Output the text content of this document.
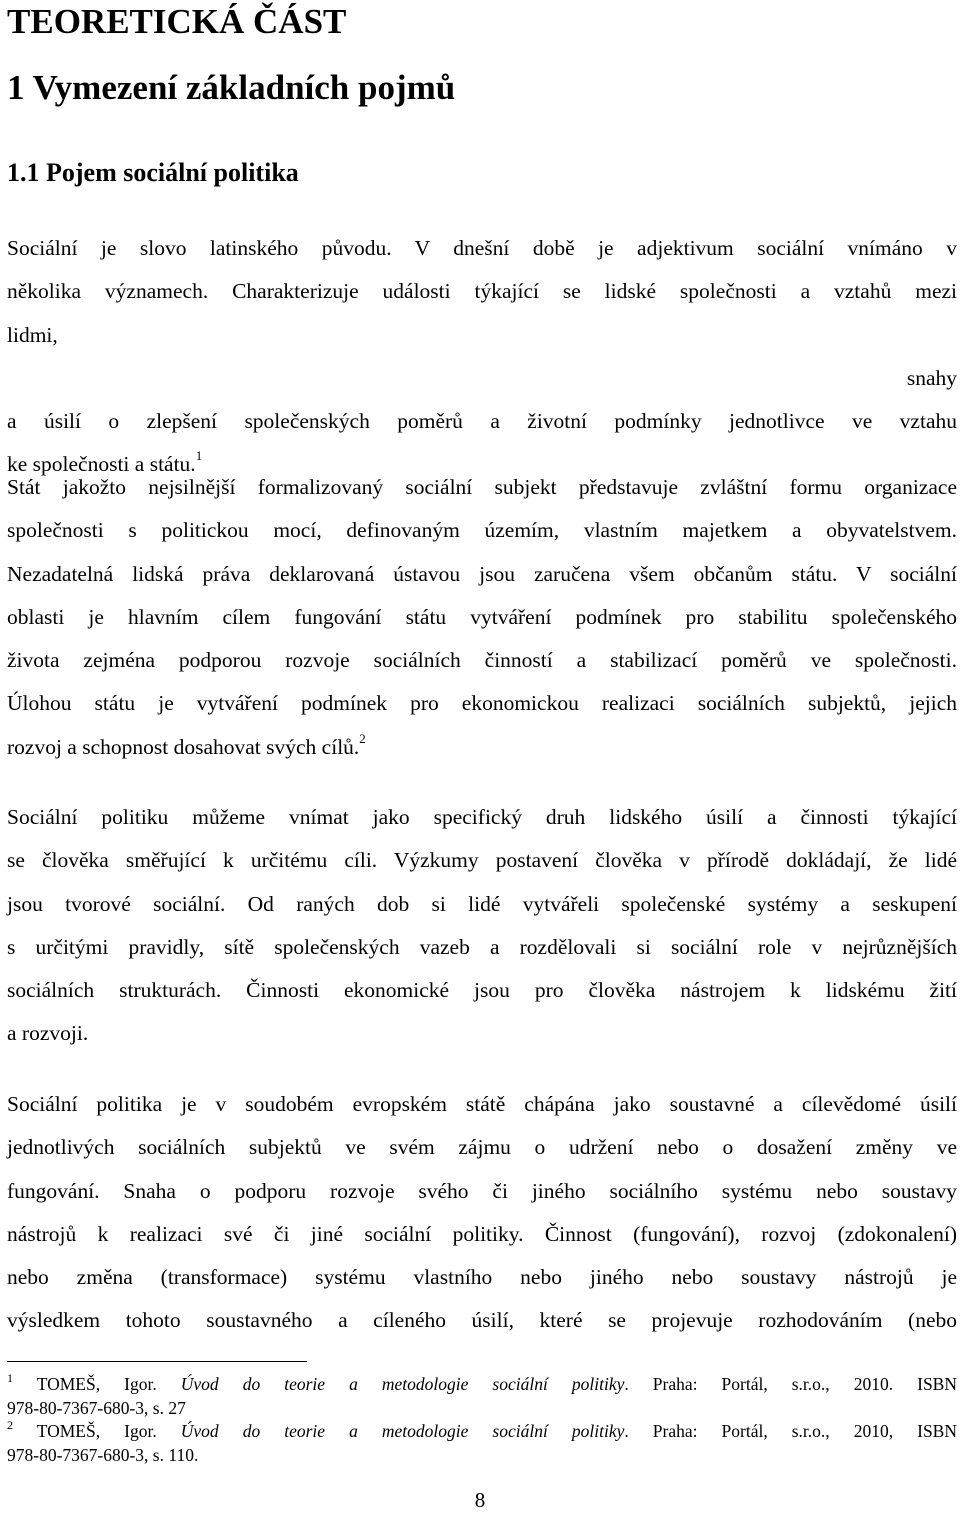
TEORETICKÁ ČÁST
1 Vymezení základních pojmů
1.1 Pojem sociální politika
Sociální je slovo latinského původu. V dnešní době je adjektivum sociální vnímáno v
několika významech. Charakterizuje události týkající se lidské společnosti a vztahů mezi
lidmi,
snahy
a úsilí o zlepšení společenských poměrů a životní podmínky jednotlivce ve vztahu
ke společnosti a státu.$^1$
Stát jakožto nejsilnější formalizovaný sociální subjekt představuje zvláštní formu organizace
společnosti s politickou mocí, definovaným územím, vlastním majetkem a obyvatelstvem.
Nezadatelná lidská práva deklarovaná ústavou jsou zaručena všem občanům státu. V sociální
oblasti je hlavním cílem fungování státu vytváření podmínek pro stabilitu společenského
života zejména podporou rozvoje sociálních činností a stabilizací poměrů ve společnosti.
Úlohou státu je vytváření podmínek pro ekonomickou realizaci sociálních subjektů, jejich
rozvoj a schopnost dosahovat svých cílů.$^2$
Sociální politiku můžeme vnímat jako specifický druh lidského úsilí a činnosti týkající
se člověka směřující k určitému cíli. Výzkumy postavení člověka v přírodě dokládají, že lidé
jsou tvorové sociální. Od raných dob si lidé vytvářeli společenské systémy a seskupení
s určitými pravidly, sítě společenských vazeb a rozdělovali si sociální role v nejrůznějších
sociálních strukturách. Činnosti ekonomické jsou pro člověka nástrojem k lidskému žití
a rozvoji.
Sociální politika je v soudobém evropském státě chápána jako soustavné a cílevědomé úsilí
jednotlivých sociálních subjektů ve svém zájmu o udržení nebo o dosažení změny ve
fungování. Snaha o podporu rozvoje svého či jiného sociálního systému nebo soustavy
nástrojů k realizaci své či jiné sociální politiky. Činnost (fungování), rozvoj (zdokonalení)
nebo změna (transformace) systému vlastního nebo jiného nebo soustavy nástrojů je
výsledkem tohoto soustavného a cíleného úsilí, které se projevuje rozhodováním (nebo
$^1$ TOMEŠ, Igor. Úvod do teorie a metodologie sociální politiky. Praha: Portál, s.r.o., 2010. ISBN
978-80-7367-680-3, s. 27
$^2$ TOMEŠ, Igor. Úvod do teorie a metodologie sociální politiky. Praha: Portál, s.r.o., 2010, ISBN
978-80-7367-680-3, s. 110.
8
